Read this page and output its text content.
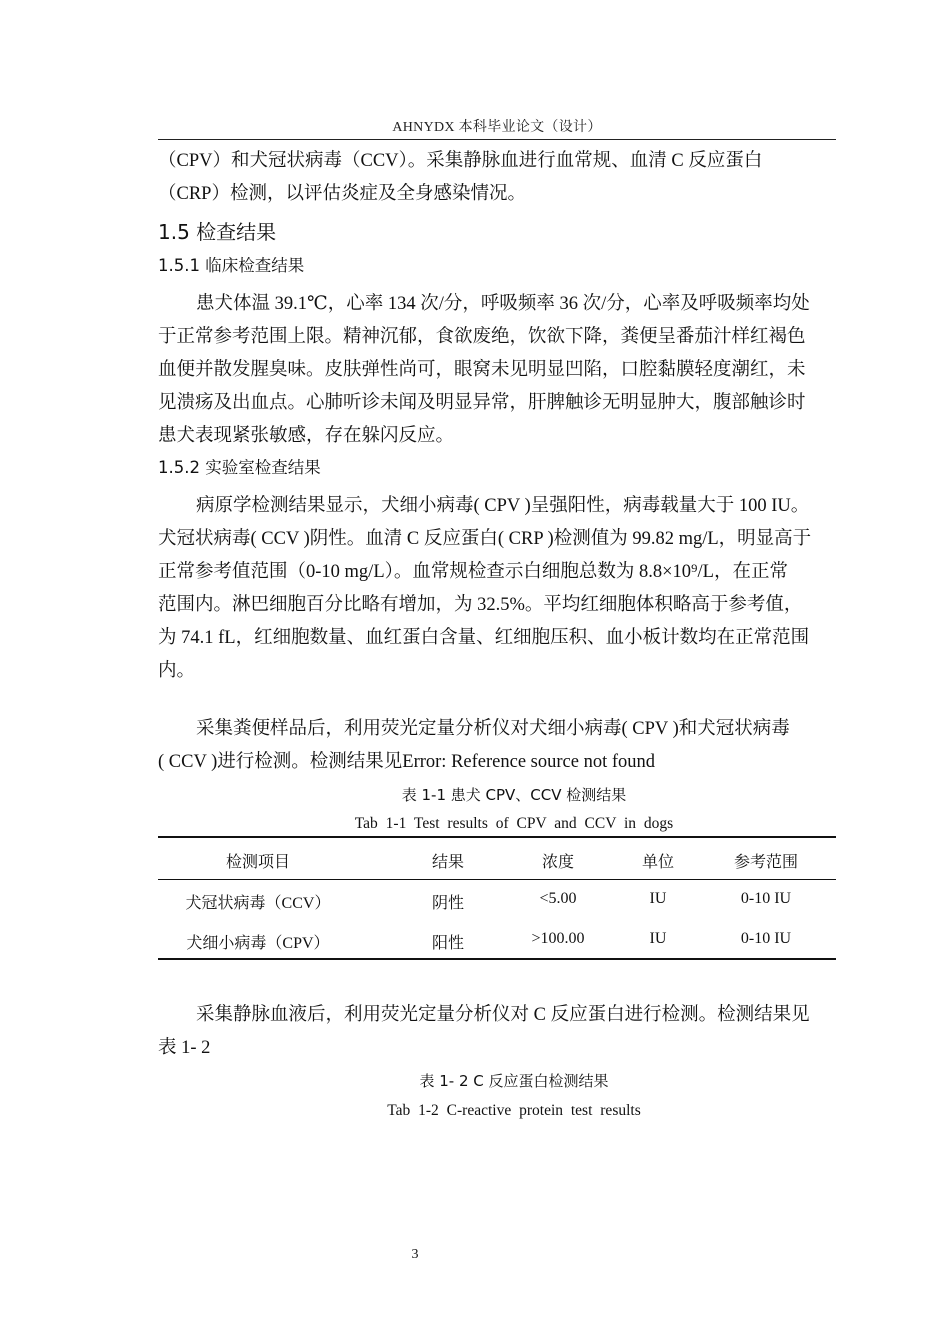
AHNYDX 本科毕业论文（设计）
（CPV）和犬冠状病毒（CCV）。采集静脉血进行血常规、血清 C 反应蛋白
（CRP）检测，以评估炎症及全身感染情况。
1.5 检查结果
1.5.1 临床检查结果
患犬体温 39.1℃，心率 134 次/分，呼吸频率 36 次/分，心率及呼吸频率均处
于正常参考范围上限。精神沉郁，食欲废绝，饮欲下降，粪便呈番茄汁样红褐色
血便并散发腥臭味。皮肤弹性尚可，眼窝未见明显凹陷，口腔黏膜轻度潮红，未
见溃疡及出血点。心肺听诊未闻及明显异常，肝脾触诊无明显肿大，腹部触诊时
患犬表现紧张敏感，存在躲闪反应。
1.5.2 实验室检查结果
病原学检测结果显示，犬细小病毒( CPV )呈强阳性，病毒载量大于 100 IU。
犬冠状病毒( CCV )阴性。血清 C 反应蛋白( CRP )检测值为 99.82 mg/L，明显高于
正常参考值范围（0-10 mg/L）。血常规检查示白细胞总数为 8.8×10⁹/L，在正常
范围内。淋巴细胞百分比略有增加，为 32.5%。平均红细胞体积略高于参考值，
为 74.1 fL，红细胞数量、血红蛋白含量、红细胞压积、血小板计数均在正常范围
内。
采集粪便样品后，利用荧光定量分析仪对犬细小病毒( CPV )和犬冠状病毒
( CCV )进行检测。检测结果见Error: Reference source not found
表 1-1 患犬 CPV、CCV 检测结果
Tab 1-1 Test results of CPV and CCV in dogs
检测项目	结果	浓度	单位	参考范围
犬冠状病毒（CCV）	阴性	<5.00	IU	0-10 IU
犬细小病毒（CPV）	阳性	>100.00	IU	0-10 IU
采集静脉血液后，利用荧光定量分析仪对 C 反应蛋白进行检测。检测结果见
表 1- 2
表 1- 2 C 反应蛋白检测结果
Tab 1-2 C-reactive protein test results
3
